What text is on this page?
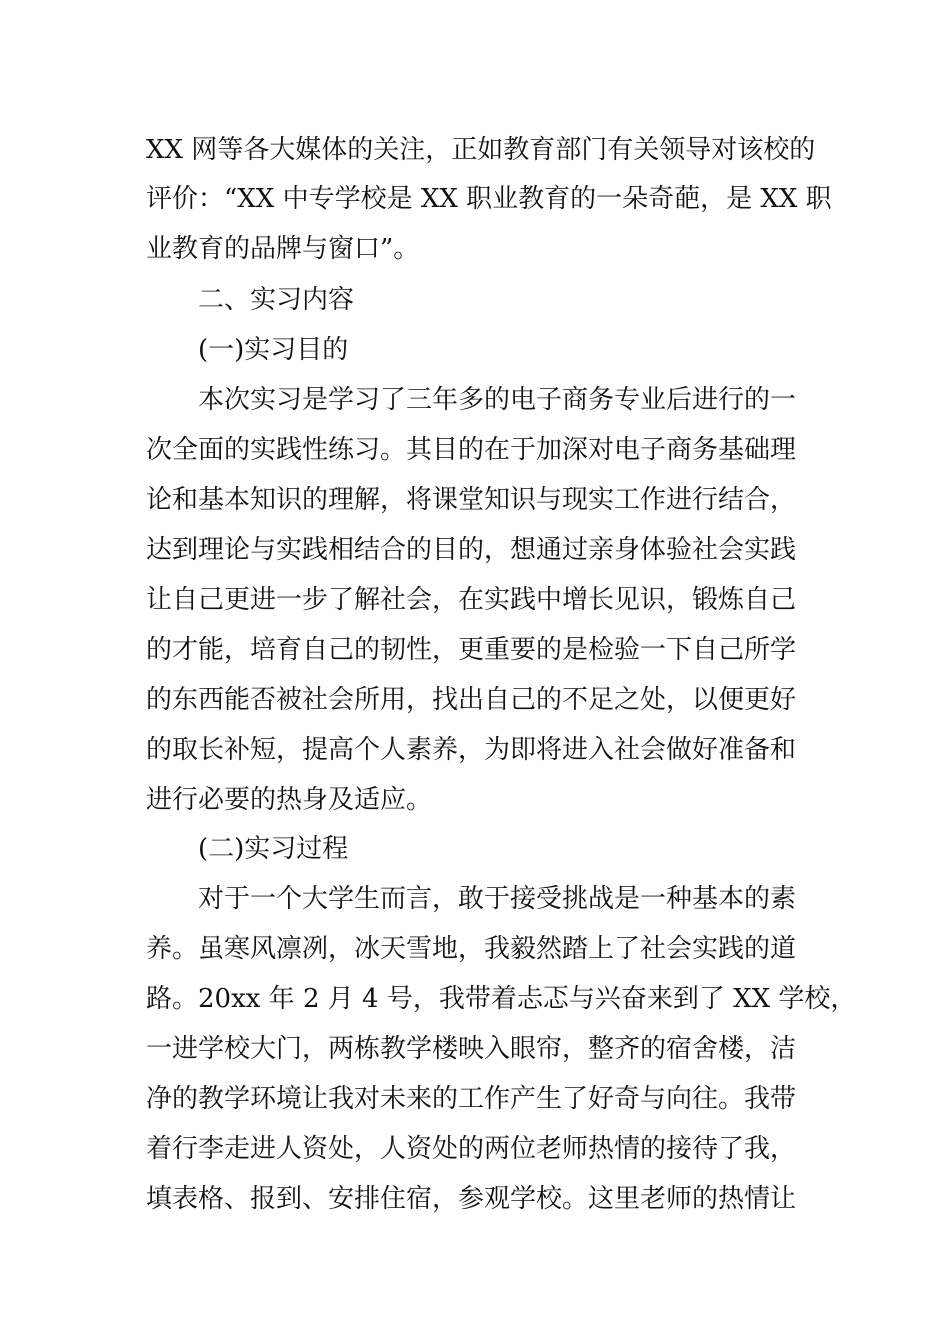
XX 网等各大媒体的关注，正如教育部门有关领导对该校的
评价：“XX 中专学校是 XX 职业教育的一朵奇葩，是 XX 职
业教育的品牌与窗口”。
二、实习内容
(一)实习目的
本次实习是学习了三年多的电子商务专业后进行的一
次全面的实践性练习。其目的在于加深对电子商务基础理
论和基本知识的理解，将课堂知识与现实工作进行结合，
达到理论与实践相结合的目的，想通过亲身体验社会实践
让自己更进一步了解社会，在实践中增长见识，锻炼自己
的才能，培育自己的韧性，更重要的是检验一下自己所学
的东西能否被社会所用，找出自己的不足之处，以便更好
的取长补短，提高个人素养，为即将进入社会做好准备和
进行必要的热身及适应。
(二)实习过程
对于一个大学生而言，敢于接受挑战是一种基本的素
养。虽寒风凛冽，冰天雪地，我毅然踏上了社会实践的道
路。20xx 年 2 月 4 号，我带着忐忑与兴奋来到了 XX 学校，
一进学校大门，两栋教学楼映入眼帘，整齐的宿舍楼，洁
净的教学环境让我对未来的工作产生了好奇与向往。我带
着行李走进人资处，人资处的两位老师热情的接待了我，
填表格、报到、安排住宿，参观学校。这里老师的热情让
